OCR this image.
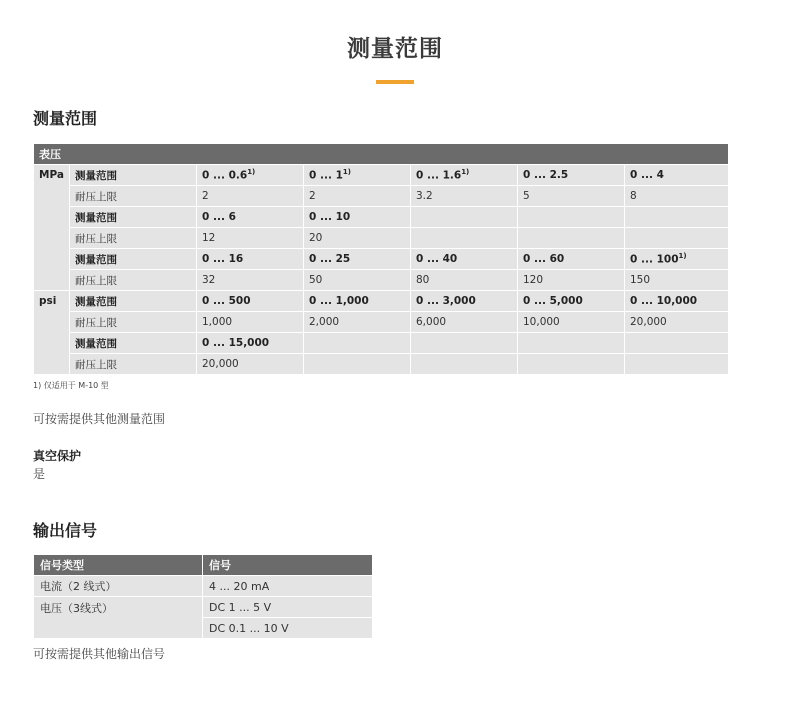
测量范围
测量范围
表压						
MPa	测量范围	0 ... 0.6$^{1)}$	0 ... 1$^{1)}$	0 ... 1.6$^{1)}$	0 ... 2.5	0 ... 4
	耐压上限	2	2	3.2	5	8
	测量范围	0 ... 6	0 ... 10			
	耐压上限	12	20			
	测量范围	0 ... 16	0 ... 25	0 ... 40	0 ... 60	0 ... 100$^{1)}$
	耐压上限	32	50	80	120	150
psi	测量范围	0 ... 500	0 ... 1,000	0 ... 3,000	0 ... 5,000	0 ... 10,000
	耐压上限	1,000	2,000	6,000	10,000	20,000
	测量范围	0 ... 15,000				
	耐压上限	20,000				
1) 仅适用于 M-10 型
可按需提供其他测量范围
真空保护
是
输出信号
信号类型	信号
电流（2 线式）	4 ... 20 mA
电压（3线式）	DC 1 ... 5 V
	DC 0.1 ... 10 V
可按需提供其他输出信号
